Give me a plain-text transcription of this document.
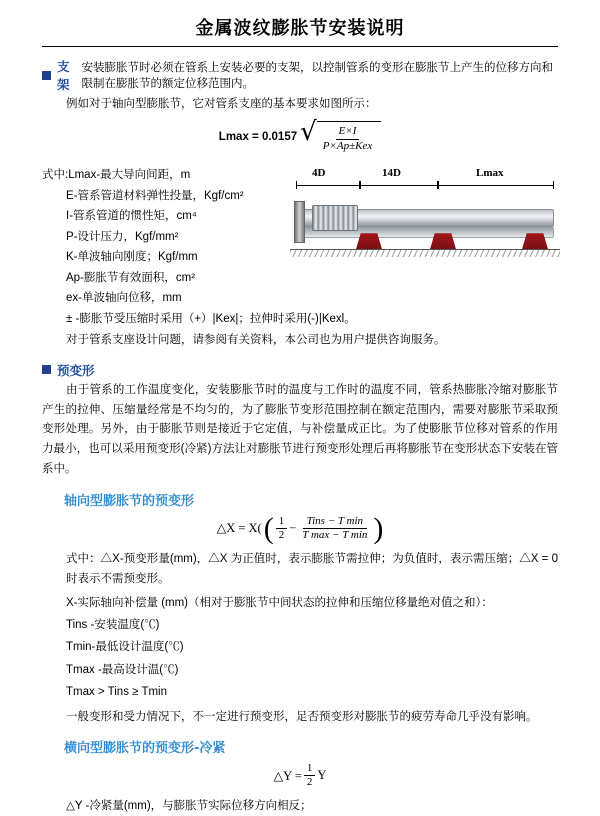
金属波纹膨胀节安装说明
支架
安装膨胀节时必须在管系上安装必要的支架，以控制管系的变形在膨胀节上产生的位移方向和限制在膨胀节的额定位移范围内。

例如对于轴向型膨胀节，它对管系支座的基本要求如图所示：

Lmax = 0.0157 √ $\frac{E\times I}{\text{P×Ap±Kex}}$
式中:Lmax-最大导向间距，m
E-管系管道材料弹性投量，Kgf/cm²
I-管系管道的惯性矩，cm⁴
P-设计压力，Kgf/mm²
K-单波轴向刚度；Kgf/mm
Ap-膨胀节有效面积，cm²
ex-单波轴向位移，mm
± -膨胀节受压缩时采用（+）|Kex|；拉伸时采用(-)|Kexl。
4D	14D	Lmax

对于管系支座设计问题，请参阅有关资料，本公司也为用户提供咨询服务。

预变形

由于管系的工作温度变化，安装膨胀节时的温度与工作时的温度不同，管系热膨胀冷缩对膨胀节产生的拉伸、压缩量经常是不均匀的，为了膨胀节变形范围控制在额定范围内，需要对膨胀节采取预变形处理。另外，由于膨胀节则是接近于它定值，与补偿量成正比。为了使膨胀节位移对管系的作用力最小，也可以采用预变形(冷紧)方法让对膨胀节进行预变形处理后再将膨胀节在变形状态下安装在管系中。

轴向型膨胀节的预变形
△X = X( ( $\frac{1}{2} - \frac{\text{Tins − T min}}{\text{T max − T min}}$ )

式中：△X-预变形量(mm)，△X 为正值时，表示膨胀节需拉伸；为负值时，表示需压缩；△X = 0时表示不需预变形。

X-实际轴向补偿量 (mm)（相对于膨胀节中间状态的拉伸和压缩位移量绝对值之和）：
Tins -安装温度(℃)
Tmin-最低设计温度(℃)
Tmax -最高设计温(℃)
Tmax > Tins ≥ Tmin

一般变形和受力情况下，不一定进行预变形，足否预变形对膨胀节的疲劳寿命几乎没有影响。

横向型膨胀节的预变形-冷紧
△Y = $\frac{1}{2}$ Y

△Y -冷紧量(mm)，与膨胀节实际位移方向相反；
